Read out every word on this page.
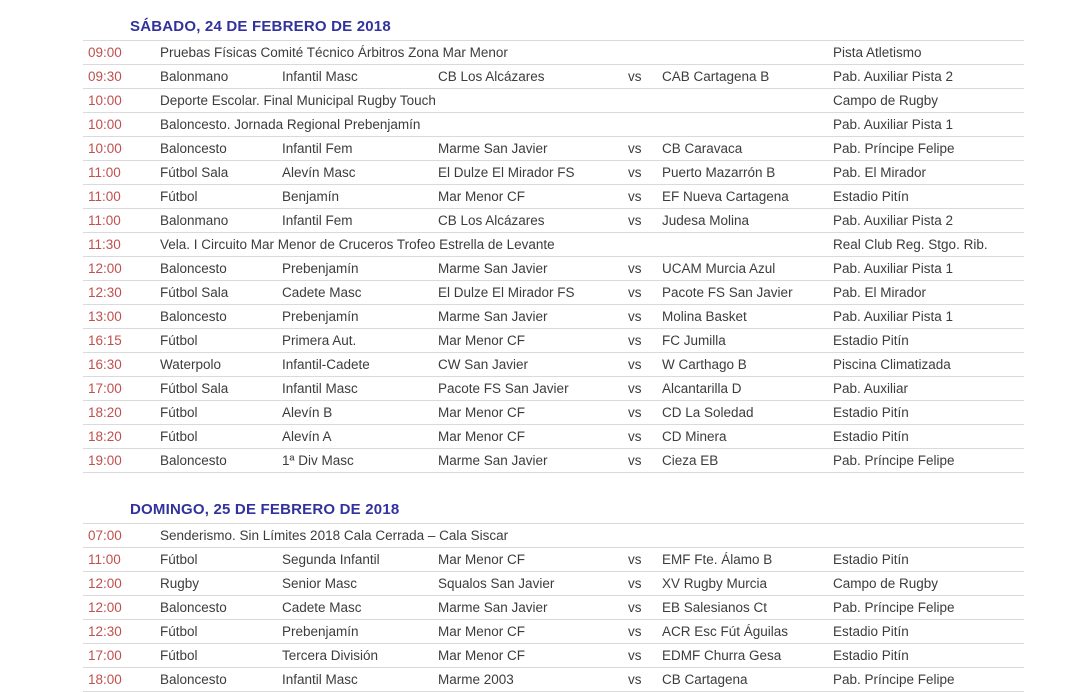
SÁBADO, 24 DE FEBRERO DE 2018
09:00	Pruebas Físicas Comité Técnico Árbitros Zona Mar Menor	Pista Atletismo
09:30	Balonmano	Infantil Masc	CB Los Alcázares	vs CAB Cartagena B	Pab. Auxiliar Pista 2
10:00	Deporte Escolar. Final Municipal Rugby Touch	Campo de Rugby
10:00	Baloncesto. Jornada Regional Prebenjamín	Pab. Auxiliar Pista 1
10:00	Baloncesto	Infantil Fem	Marme San Javier	vs CB Caravaca	Pab. Príncipe Felipe
11:00	Fútbol Sala	Alevín Masc	El Dulze El Mirador FS	vs Puerto Mazarrón B	Pab. El Mirador
11:00	Fútbol	Benjamín	Mar Menor CF	vs EF Nueva Cartagena	Estadio Pitín
11:00	Balonmano	Infantil Fem	CB Los Alcázares	vs Judesa Molina	Pab. Auxiliar Pista 2
11:30	Vela. I Circuito Mar Menor de Cruceros Trofeo Estrella de Levante	Real Club Reg. Stgo. Rib.
12:00	Baloncesto	Prebenjamín	Marme San Javier	vs UCAM Murcia Azul	Pab. Auxiliar Pista 1
12:30	Fútbol Sala	Cadete Masc	El Dulze El Mirador FS	vs Pacote FS San Javier	Pab. El Mirador
13:00	Baloncesto	Prebenjamín	Marme San Javier	vs Molina Basket	Pab. Auxiliar Pista 1
16:15	Fútbol	Primera Aut.	Mar Menor CF	vs FC Jumilla	Estadio Pitín
16:30	Waterpolo	Infantil-Cadete	CW San Javier	vs W Carthago B	Piscina Climatizada
17:00	Fútbol Sala	Infantil Masc	Pacote FS San Javier	vs Alcantarilla D	Pab. Auxiliar
18:20	Fútbol	Alevín B	Mar Menor CF	vs CD La Soledad	Estadio Pitín
18:20	Fútbol	Alevín A	Mar Menor CF	vs CD Minera	Estadio Pitín
19:00	Baloncesto	1ª Div Masc	Marme San Javier	vs Cieza EB	Pab. Príncipe Felipe
DOMINGO, 25 DE FEBRERO DE 2018
07:00	Senderismo. Sin Límites 2018 Cala Cerrada – Cala Siscar
11:00	Fútbol	Segunda Infantil	Mar Menor CF	vs EMF Fte. Álamo B	Estadio Pitín
12:00	Rugby	Senior Masc	Squalos San Javier	vs XV Rugby Murcia	Campo de Rugby
12:00	Baloncesto	Cadete Masc	Marme San Javier	vs EB Salesianos Ct	Pab. Príncipe Felipe
12:30	Fútbol	Prebenjamín	Mar Menor CF	vs ACR Esc Fút Águilas	Estadio Pitín
17:00	Fútbol	Tercera División	Mar Menor CF	vs EDMF Churra Gesa	Estadio Pitín
18:00	Baloncesto	Infantil Masc	Marme 2003	vs CB Cartagena	Pab. Príncipe Felipe
